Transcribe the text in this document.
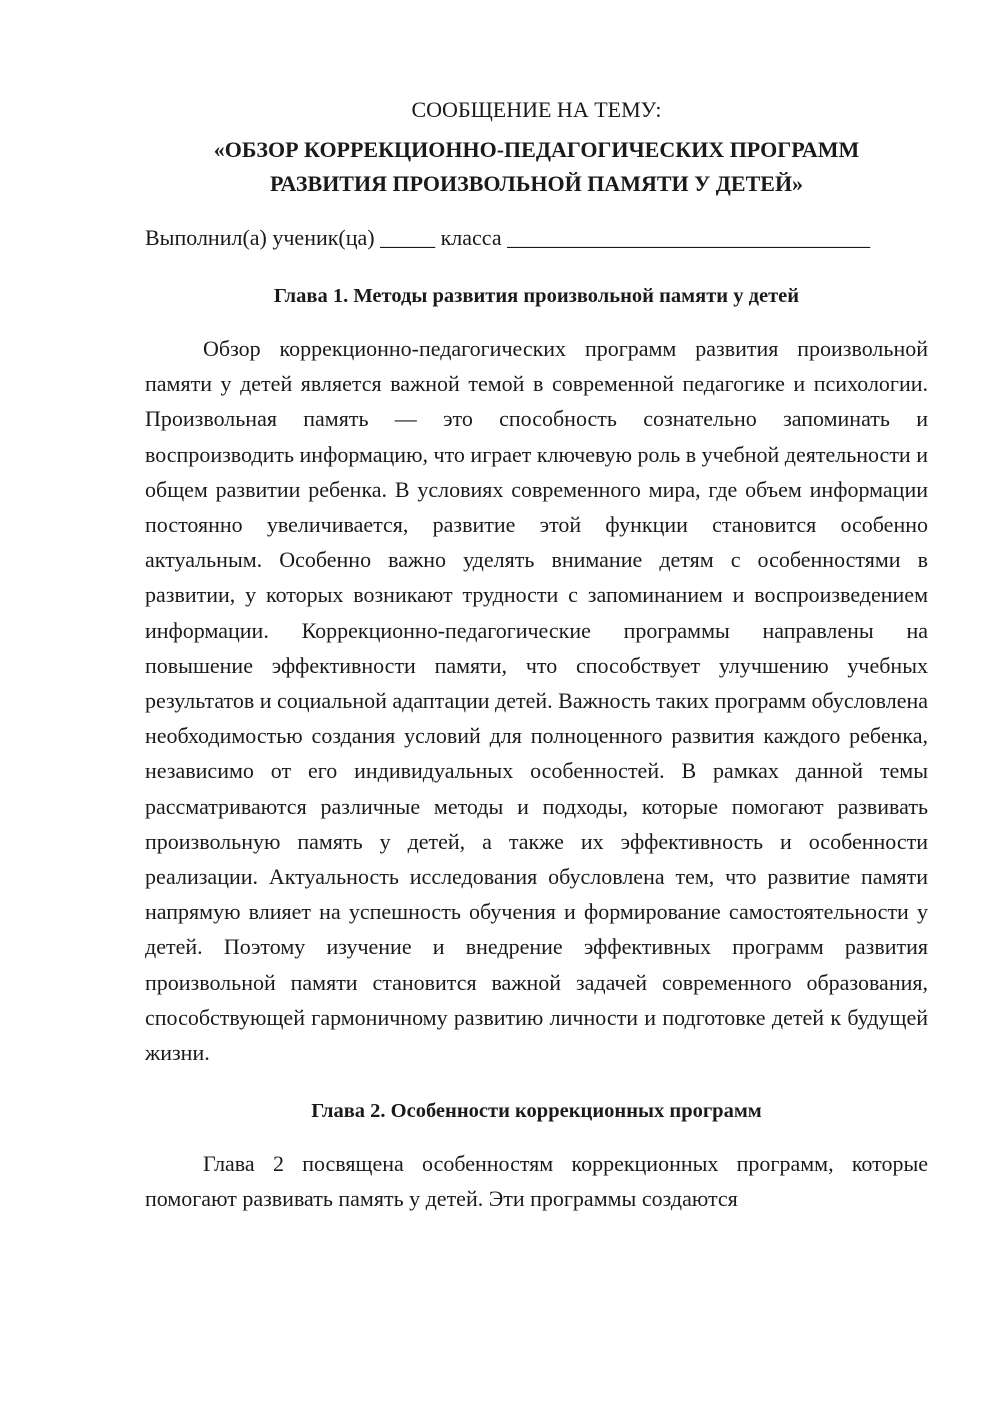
СООБЩЕНИЕ НА ТЕМУ:
«ОБЗОР КОРРЕКЦИОННО-ПЕДАГОГИЧЕСКИХ ПРОГРАММ
РАЗВИТИЯ ПРОИЗВОЛЬНОЙ ПАМЯТИ У ДЕТЕЙ»
Выполнил(а) ученик(ца) _____ класса _________________________________
Глава 1. Методы развития произвольной памяти у детей

Обзор коррекционно-педагогических программ развития произвольной памяти у детей является важной темой в современной педагогике и психологии. Произвольная память — это способность сознательно запоминать и воспроизводить информацию, что играет ключевую роль в учебной деятельности и общем развитии ребенка. В условиях современного мира, где объем информации постоянно увеличивается, развитие этой функции становится особенно актуальным. Особенно важно уделять внимание детям с особенностями в развитии, у которых возникают трудности с запоминанием и воспроизведением информации. Коррекционно-педагогические программы направлены на повышение эффективности памяти, что способствует улучшению учебных результатов и социальной адаптации детей. Важность таких программ обусловлена необходимостью создания условий для полноценного развития каждого ребенка, независимо от его индивидуальных особенностей. В рамках данной темы рассматриваются различные методы и подходы, которые помогают развивать произвольную память у детей, а также их эффективность и особенности реализации. Актуальность исследования обусловлена тем, что развитие памяти напрямую влияет на успешность обучения и формирование самостоятельности у детей. Поэтому изучение и внедрение эффективных программ развития произвольной памяти становится важной задачей современного образования, способствующей гармоничному развитию личности и подготовке детей к будущей жизни.

Глава 2. Особенности коррекционных программ

Глава 2 посвящена особенностям коррекционных программ, которые помогают развивать память у детей. Эти программы создаются
